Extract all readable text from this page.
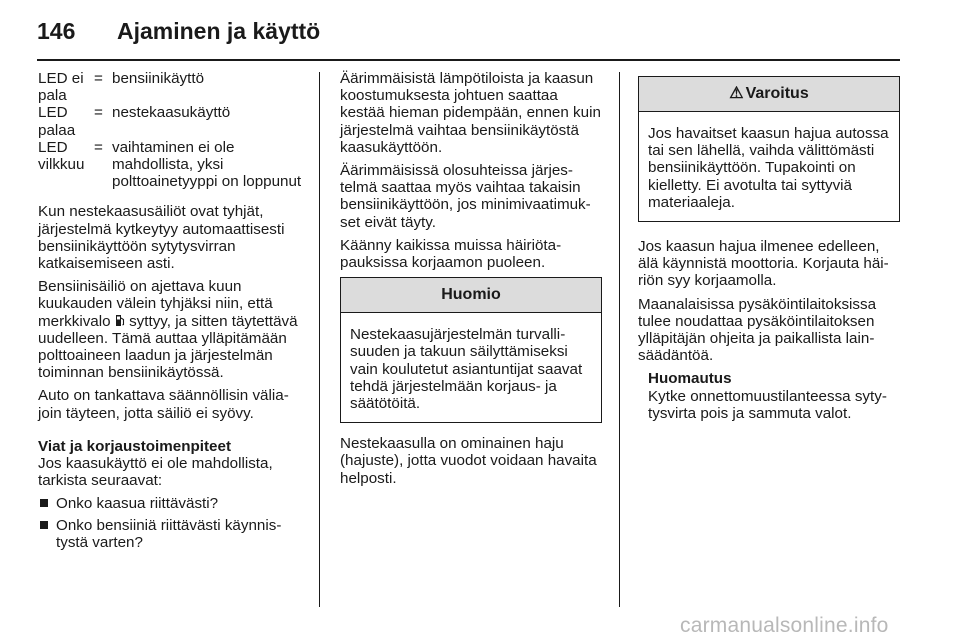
146 Ajaminen ja käyttö
LED ei pala
= bensiinikäyttö
LED palaa
= nestekaasukäyttö
LED vilkkuu
= vaihtaminen ei ole mahdollista, yksi polttoainetyyppi on loppunut

Kun nestekaasusäiliöt ovat tyhjät, järjestelmä kytkeytyy automaattisesti bensiinikäyttöön sytytysvirran katkaisemiseen asti.

Bensiinisäiliö on ajettava kuun kuukauden välein tyhjäksi niin, että merkkivalo syttyy, ja sitten täytettävä uudelleen. Tämä auttaa ylläpitämään polttoaineen laadun ja järjestelmän toiminnan bensiinikäytössä.

Auto on tankattava säännöllisin väliajoin täyteen, jotta säiliö ei syövy.

Viat ja korjaustoimenpiteet
Jos kaasukäyttö ei ole mahdollista, tarkista seuraavat:
Onko kaasua riittävästi?
Onko bensiiniä riittävästi käynnistystä varten?

Äärimmäisistä lämpötiloista ja kaasun koostumuksesta johtuen saattaa kestää hieman pidempään, ennen kuin järjestelmä vaihtaa bensiinikäytöstä kaasukäyttöön.

Äärimmäisissä olosuhteissa järjestelmä saattaa myös vaihtaa takaisin bensiinikäyttöön, jos minimivaatimukset eivät täyty.

Käänny kaikissa muissa häiriötapauksissa korjaamon puoleen.

Huomio
Nestekaasujärjestelmän turvallisuuden ja takuun säilyttämiseksi vain koulutetut asiantuntijat saavat tehdä järjestelmään korjaus- ja säätötöitä.

Nestekaasulla on ominainen haju (hajuste), jotta vuodot voidaan havaita helposti.

⚠ Varoitus
Jos havaitset kaasun hajua autossa tai sen lähellä, vaihda välittömästi bensiinikäyttöön. Tupakointi on kielletty. Ei avotulta tai syttyviä materiaaleja.

Jos kaasun hajua ilmenee edelleen, älä käynnistä moottoria. Korjauta häiriön syy korjaamolla.

Maanalaisissa pysäköintilaitoksissa tulee noudattaa pysäköintilaitoksen ylläpitäjän ohjeita ja paikallista lainsäädäntöä.

Huomautus
Kytke onnettomuustilanteessa sytytysvirta pois ja sammuta valot.
carmanualsonline.info
